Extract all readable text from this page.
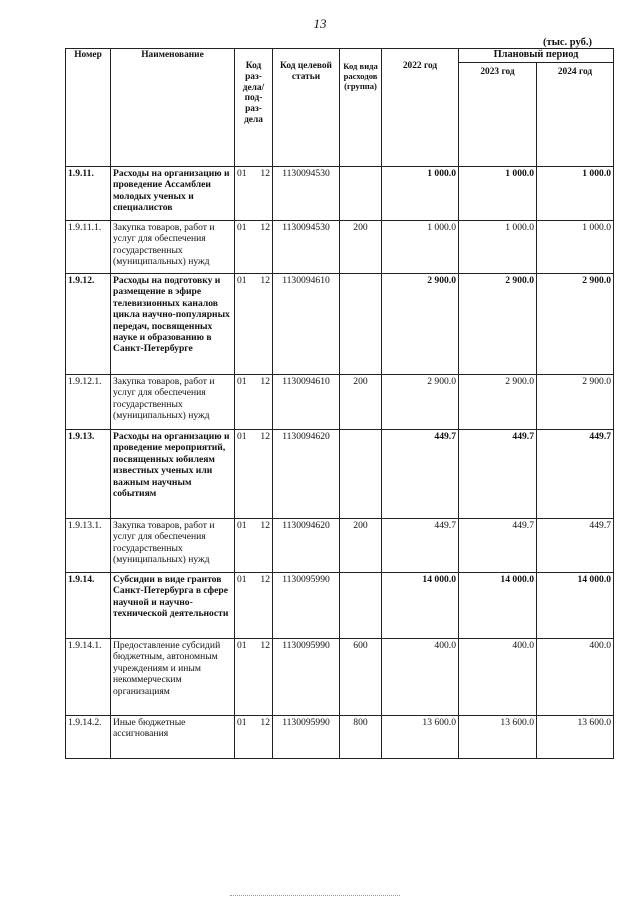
13
(тыс. руб.)
Номер	Наименование	Код раз-дела/ под-раз-дела	Код целевой статьи	Код вида расходов (группа)	2022 год	Плановый период	
						2023 год	2024 год
1.9.11.	Расходы на организацию и проведение Ассамблеи молодых ученых и специалистов	01 12	1130094530		1 000.0	1 000.0	1 000.0
1.9.11.1.	Закупка товаров, работ и услуг для обеспечения государственных (муниципальных) нужд	01 12	1130094530	200	1 000.0	1 000.0	1 000.0
1.9.12.	Расходы на подготовку и размещение в эфире телевизионных каналов цикла научно-популярных передач, посвященных науке и образованию в Санкт-Петербурге	01 12	1130094610		2 900.0	2 900.0	2 900.0
1.9.12.1.	Закупка товаров, работ и услуг для обеспечения государственных (муниципальных) нужд	01 12	1130094610	200	2 900.0	2 900.0	2 900.0
1.9.13.	Расходы на организацию и проведение мероприятий, посвященных юбилеям известных ученых или важным научным событиям	01 12	1130094620		449.7	449.7	449.7
1.9.13.1.	Закупка товаров, работ и услуг для обеспечения государственных (муниципальных) нужд	01 12	1130094620	200	449.7	449.7	449.7
1.9.14.	Субсидии в виде грантов Санкт-Петербурга в сфере научной и научно-технической деятельности	01 12	1130095990		14 000.0	14 000.0	14 000.0
1.9.14.1.	Предоставление субсидий бюджетным, автономным учреждениям и иным некоммерческим организациям	01 12	1130095990	600	400.0	400.0	400.0
1.9.14.2.	Иные бюджетные ассигнования	01 12	1130095990	800	13 600.0	13 600.0	13 600.0
